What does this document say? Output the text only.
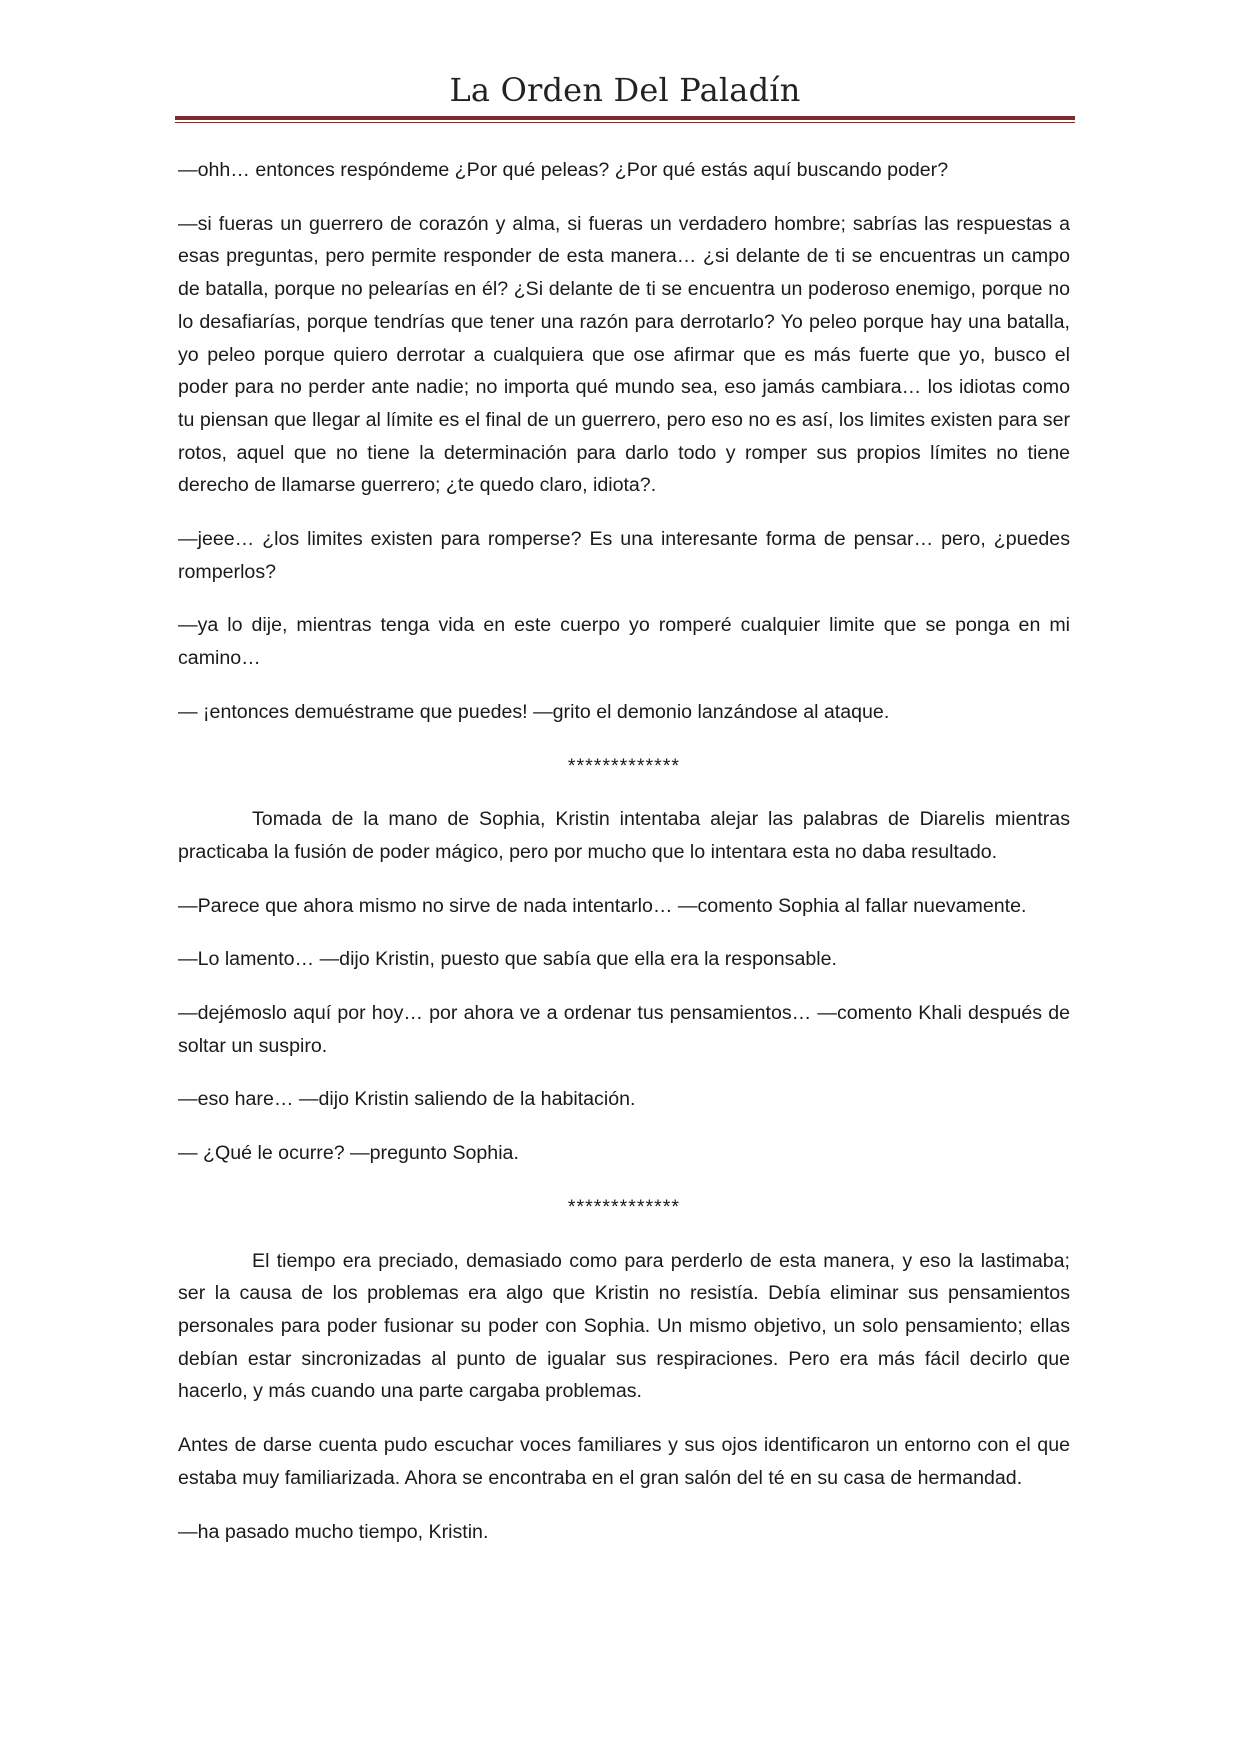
La Orden Del Paladín

—ohh… entonces respóndeme ¿Por qué peleas? ¿Por qué estás aquí buscando poder?

—si fueras un guerrero de corazón y alma, si fueras un verdadero hombre; sabrías las respuestas a esas preguntas, pero permite responder de esta manera… ¿si delante de ti se encuentras un campo de batalla, porque no pelearías en él? ¿Si delante de ti se encuentra un poderoso enemigo, porque no lo desafiarías, porque tendrías que tener una razón para derrotarlo? Yo peleo porque hay una batalla, yo peleo porque quiero derrotar a cualquiera que ose afirmar que es más fuerte que yo, busco el poder para no perder ante nadie; no importa qué mundo sea, eso jamás cambiara… los idiotas como tu piensan que llegar al límite es el final de un guerrero, pero eso no es así, los limites existen para ser rotos, aquel que no tiene la determinación para darlo todo y romper sus propios límites no tiene derecho de llamarse guerrero; ¿te quedo claro, idiota?.

—jeee… ¿los limites existen para romperse? Es una interesante forma de pensar… pero, ¿puedes romperlos?

—ya lo dije, mientras tenga vida en este cuerpo yo romperé cualquier limite que se ponga en mi camino…

— ¡entonces demuéstrame que puedes! —grito el demonio lanzándose al ataque.

*************

Tomada de la mano de Sophia, Kristin intentaba alejar las palabras de Diarelis mientras practicaba la fusión de poder mágico, pero por mucho que lo intentara esta no daba resultado.

—Parece que ahora mismo no sirve de nada intentarlo… —comento Sophia al fallar nuevamente.

—Lo lamento… —dijo Kristin, puesto que sabía que ella era la responsable.

—dejémoslo aquí por hoy… por ahora ve a ordenar tus pensamientos… —comento Khali después de soltar un suspiro.

—eso hare… —dijo Kristin saliendo de la habitación.

— ¿Qué le ocurre? —pregunto Sophia.

*************

El tiempo era preciado, demasiado como para perderlo de esta manera, y eso la lastimaba; ser la causa de los problemas era algo que Kristin no resistía. Debía eliminar sus pensamientos personales para poder fusionar su poder con Sophia. Un mismo objetivo, un solo pensamiento; ellas debían estar sincronizadas al punto de igualar sus respiraciones. Pero era más fácil decirlo que hacerlo, y más cuando una parte cargaba problemas.

Antes de darse cuenta pudo escuchar voces familiares y sus ojos identificaron un entorno con el que estaba muy familiarizada. Ahora se encontraba en el gran salón del té en su casa de hermandad.

—ha pasado mucho tiempo, Kristin.
